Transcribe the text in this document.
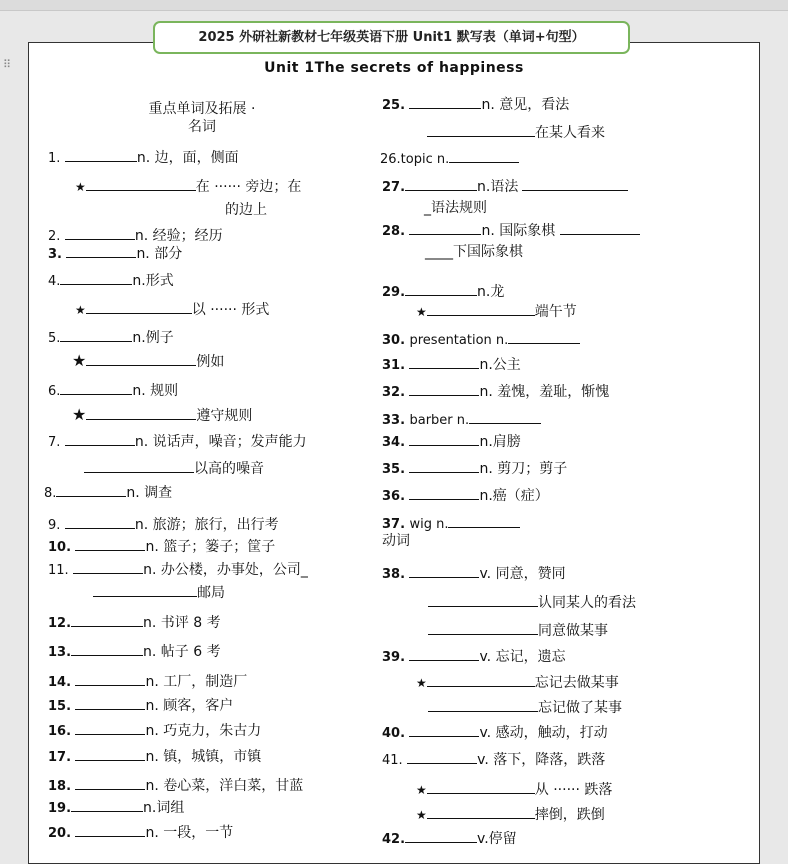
⠿
2025 外研社新教材七年级英语下册 Unit1 默写表（单词+句型）
Unit 1The secrets of happiness
重点单词及拓展 ·
名词
1.	n. 边，面，侧面
★	在 ······ 旁边；在
的边上
2.	n. 经验；经历
3.	n. 部分
4.	n.形式
★	以 ······ 形式
5.	n.例子
★	例如
6.	n. 规则
★	遵守规则
7.	n. 说话声，噪音；发声能力
以高的噪音
8.	n. 调查
9.	n. 旅游；旅行，出行考
10.	n. 篮子；篓子；筐子
11.	n. 办公楼，办事处，公司_
邮局
12.	n. 书评 8 考
13.	n. 帖子 6 考
14.	n. 工厂，制造厂
15.	n. 顾客，客户
16.	n. 巧克力，朱古力
17.	n. 镇，城镇，市镇
18.	n. 卷心菜，洋白菜，甘蓝
19.	n.词组
20.	n. 一段，一节
25.	n. 意见，看法
在某人看来
26.topic n.
27.	n.语法
_语法规则
28.	n. 国际象棋
____下国际象棋
29.	n.龙
★	端午节
30. presentation n.
31.	n.公主
32.	n. 羞愧，羞耻，惭愧
33. barber n.
34.	n.肩膀
35.	n. 剪刀；剪子
36.	n.癌（症）
37. wig n.
动词
38.	v. 同意，赞同
认同某人的看法
同意做某事
39.	v. 忘记，遗忘
★	忘记去做某事
忘记做了某事
40.	v. 感动，触动，打动
41.	v. 落下，降落，跌落
★	从 ······ 跌落
★	摔倒，跌倒
42.	v.停留
